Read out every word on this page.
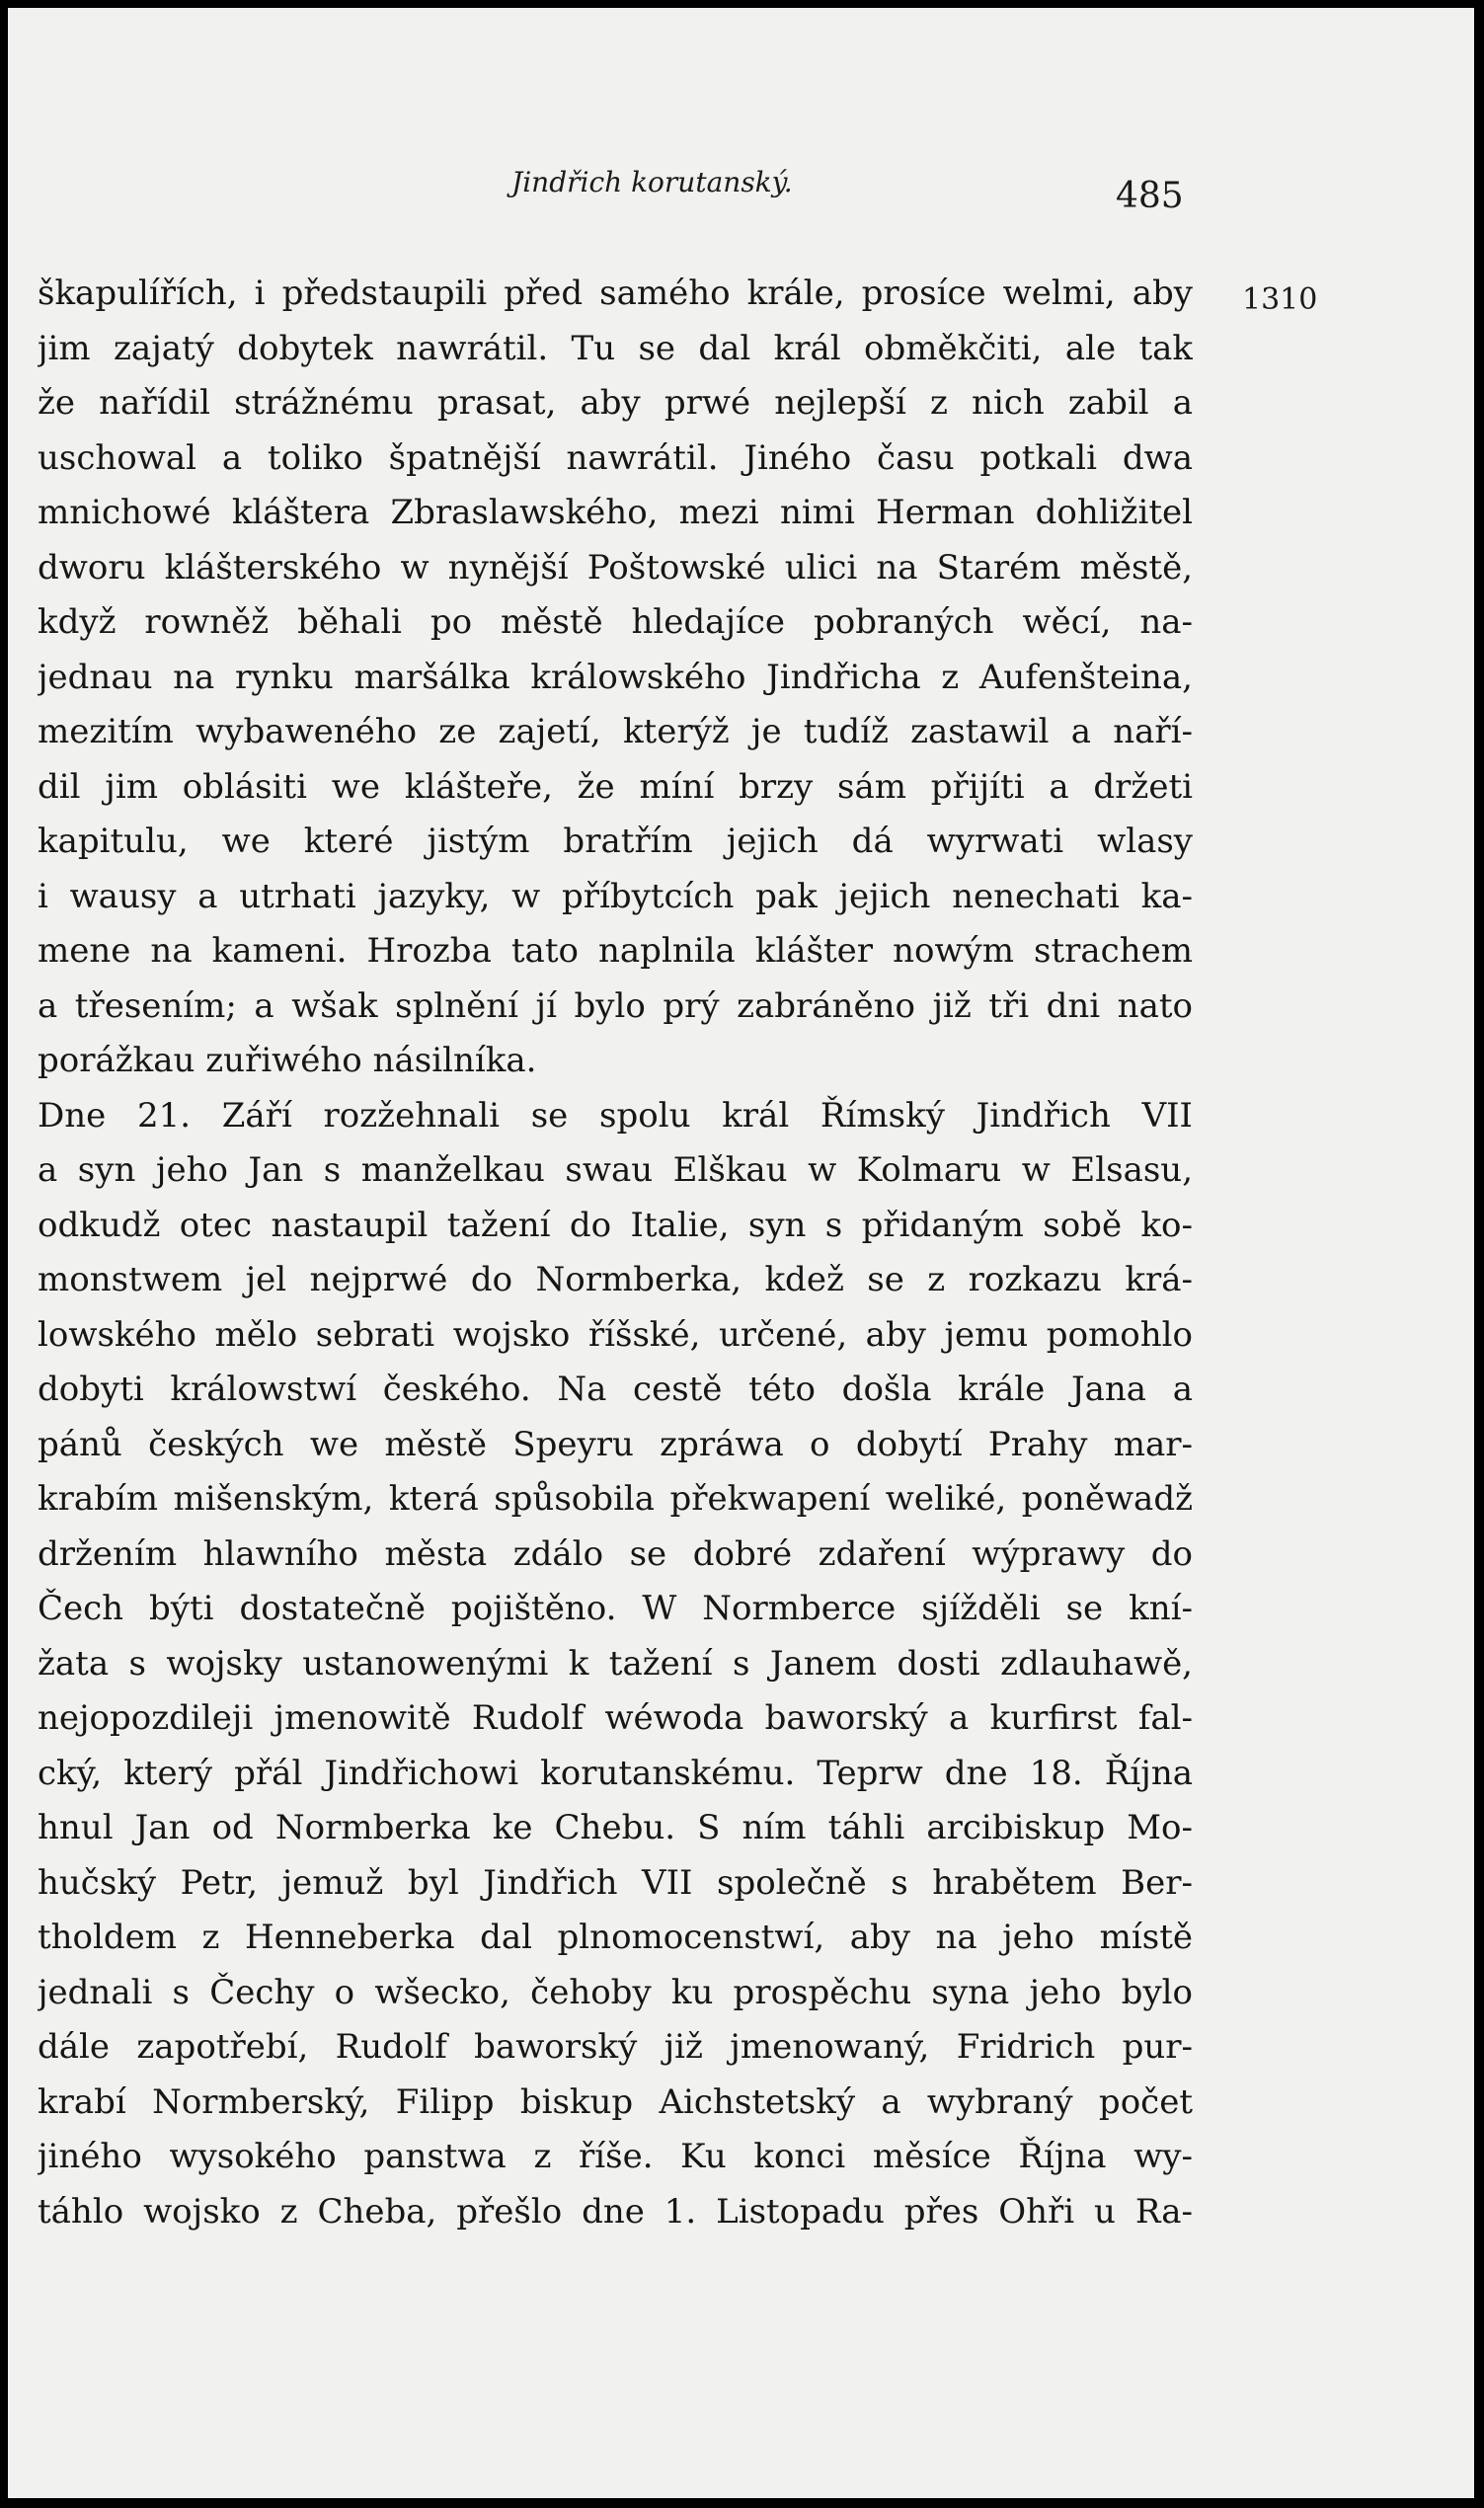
Jindřich korutanský.	485
1310
škapulířích, i předstaupili před samého krále, prosíce welmi, aby
jim zajatý dobytek nawrátil. Tu se dal král obměkčiti, ale tak
že nařídil strážnému prasat, aby prwé nejlepší z nich zabil a
uschowal a toliko špatnější nawrátil. Jiného času potkali dwa
mnichowé kláštera Zbraslawského, mezi nimi Herman dohližitel
dworu klášterského w nynější Poštowské ulici na Starém městě,
když rowněž běhali po městě hledajíce pobraných wěcí, na-
jednau na rynku maršálka králowského Jindřicha z Aufenšteina,
mezitím wybaweného ze zajetí, kterýž je tudíž zastawil a naří-
dil jim oblásiti we klášteře, že míní brzy sám přijíti a držeti
kapitulu, we které jistým bratřím jejich dá wyrwati wlasy
i wausy a utrhati jazyky, w příbytcích pak jejich nenechati ka-
mene na kameni. Hrozba tato naplnila klášter nowým strachem
a třesením; a wšak splnění jí bylo prý zabráněno již tři dni nato
porážkau zuřiwého násilníka.
Dne 21. Září rozžehnali se spolu král Římský Jindřich VII
a syn jeho Jan s manželkau swau Elškau w Kolmaru w Elsasu,
odkudž otec nastaupil tažení do Italie, syn s přidaným sobě ko-
monstwem jel nejprwé do Normberka, kdež se z rozkazu krá-
lowského mělo sebrati wojsko říšské, určené, aby jemu pomohlo
dobyti králowstwí českého. Na cestě této došla krále Jana a
pánů českých we městě Speyru zpráwa o dobytí Prahy mar-
krabím mišenským, která spůsobila překwapení weliké, poněwadž
držením hlawního města zdálo se dobré zdaření wýprawy do
Čech býti dostatečně pojištěno. W Normberce sjížděli se kní-
žata s wojsky ustanowenými k tažení s Janem dosti zdlauhawě,
nejopozdileji jmenowitě Rudolf wéwoda baworský a kurfirst fal-
cký, který přál Jindřichowi korutanskému. Teprw dne 18. Října
hnul Jan od Normberka ke Chebu. S ním táhli arcibiskup Mo-
hučský Petr, jemuž byl Jindřich VII společně s hrabětem Ber-
tholdem z Henneberka dal plnomocenstwí, aby na jeho místě
jednali s Čechy o wšecko, čehoby ku prospěchu syna jeho bylo
dále zapotřebí, Rudolf baworský již jmenowaný, Fridrich pur-
krabí Normberský, Filipp biskup Aichstetský a wybraný počet
jiného wysokého panstwa z říše. Ku konci měsíce Října wy-
táhlo wojsko z Cheba, přešlo dne 1. Listopadu přes Ohři u Ra-
